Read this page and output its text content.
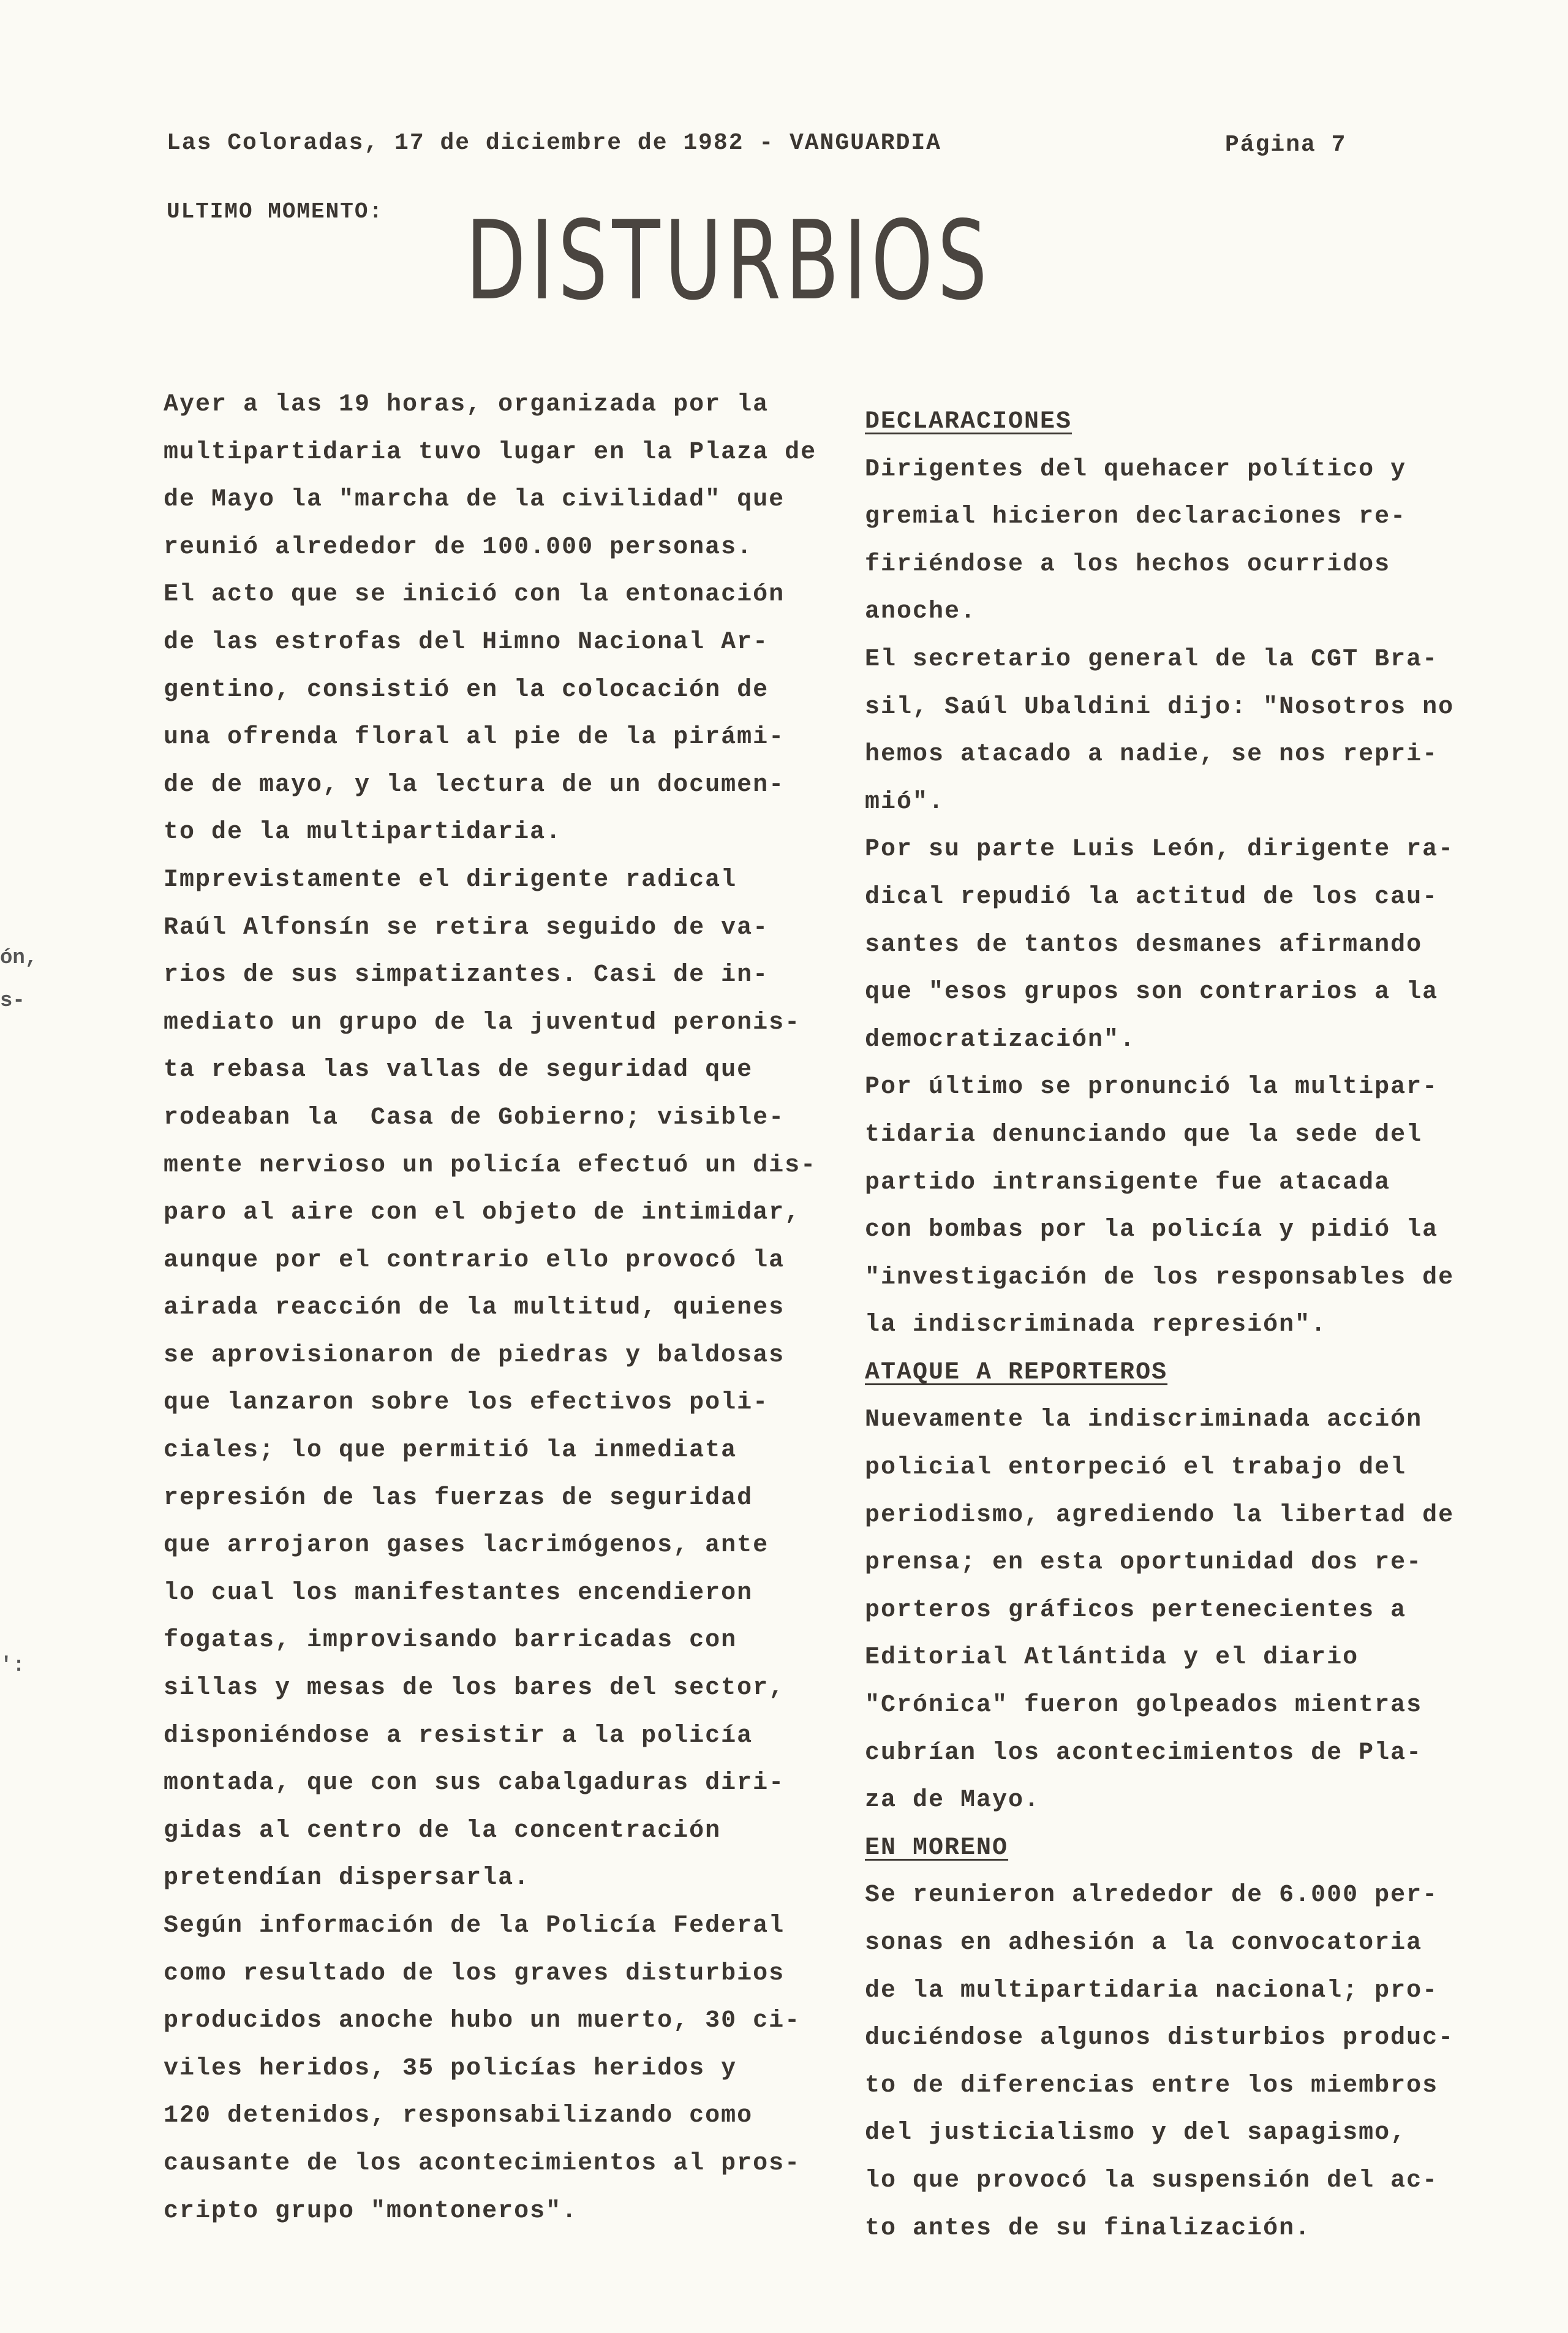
Las Coloradas, 17 de diciembre de 1982 - VANGUARDIA	Página 7
ULTIMO MOMENTO: DISTURBIOS
ón,
s-
':
Ayer a las 19 horas, organizada por la
multipartidaria tuvo lugar en la Plaza de
de Mayo la "marcha de la civilidad" que
reunió alrededor de 100.000 personas.
El acto que se inició con la entonación
de las estrofas del Himno Nacional Ar-
gentino, consistió en la colocación de
una ofrenda floral al pie de la pirámi-
de de mayo, y la lectura de un documen-
to de la multipartidaria.
Imprevistamente el dirigente radical
Raúl Alfonsín se retira seguido de va-
rios de sus simpatizantes. Casi de in-
mediato un grupo de la juventud peronis-
ta rebasa las vallas de seguridad que
rodeaban la  Casa de Gobierno; visible-
mente nervioso un policía efectuó un dis-
paro al aire con el objeto de intimidar,
aunque por el contrario ello provocó la
airada reacción de la multitud, quienes
se aprovisionaron de piedras y baldosas
que lanzaron sobre los efectivos poli-
ciales; lo que permitió la inmediata
represión de las fuerzas de seguridad
que arrojaron gases lacrimógenos, ante
lo cual los manifestantes encendieron
fogatas, improvisando barricadas con
sillas y mesas de los bares del sector,
disponiéndose a resistir a la policía
montada, que con sus cabalgaduras diri-
gidas al centro de la concentración
pretendían dispersarla.
Según información de la Policía Federal
como resultado de los graves disturbios
producidos anoche hubo un muerto, 30 ci-
viles heridos, 35 policías heridos y
120 detenidos, responsabilizando como
causante de los acontecimientos al pros-
cripto grupo "montoneros".
DECLARACIONES
Dirigentes del quehacer político y
gremial hicieron declaraciones re-
firiéndose a los hechos ocurridos
anoche.
El secretario general de la CGT Bra-
sil, Saúl Ubaldini dijo: "Nosotros no
hemos atacado a nadie, se nos repri-
mió".
Por su parte Luis León, dirigente ra-
dical repudió la actitud de los cau-
santes de tantos desmanes afirmando
que "esos grupos son contrarios a la
democratización".
Por último se pronunció la multipar-
tidaria denunciando que la sede del
partido intransigente fue atacada
con bombas por la policía y pidió la
"investigación de los responsables de
la indiscriminada represión".
ATAQUE A REPORTEROS
Nuevamente la indiscriminada acción
policial entorpeció el trabajo del
periodismo, agrediendo la libertad de
prensa; en esta oportunidad dos re-
porteros gráficos pertenecientes a
Editorial Atlántida y el diario
"Crónica" fueron golpeados mientras
cubrían los acontecimientos de Pla-
za de Mayo.
EN MORENO
Se reunieron alrededor de 6.000 per-
sonas en adhesión a la convocatoria
de la multipartidaria nacional; pro-
duciéndose algunos disturbios produc-
to de diferencias entre los miembros
del justicialismo y del sapagismo,
lo que provocó la suspensión del ac-
to antes de su finalización.
